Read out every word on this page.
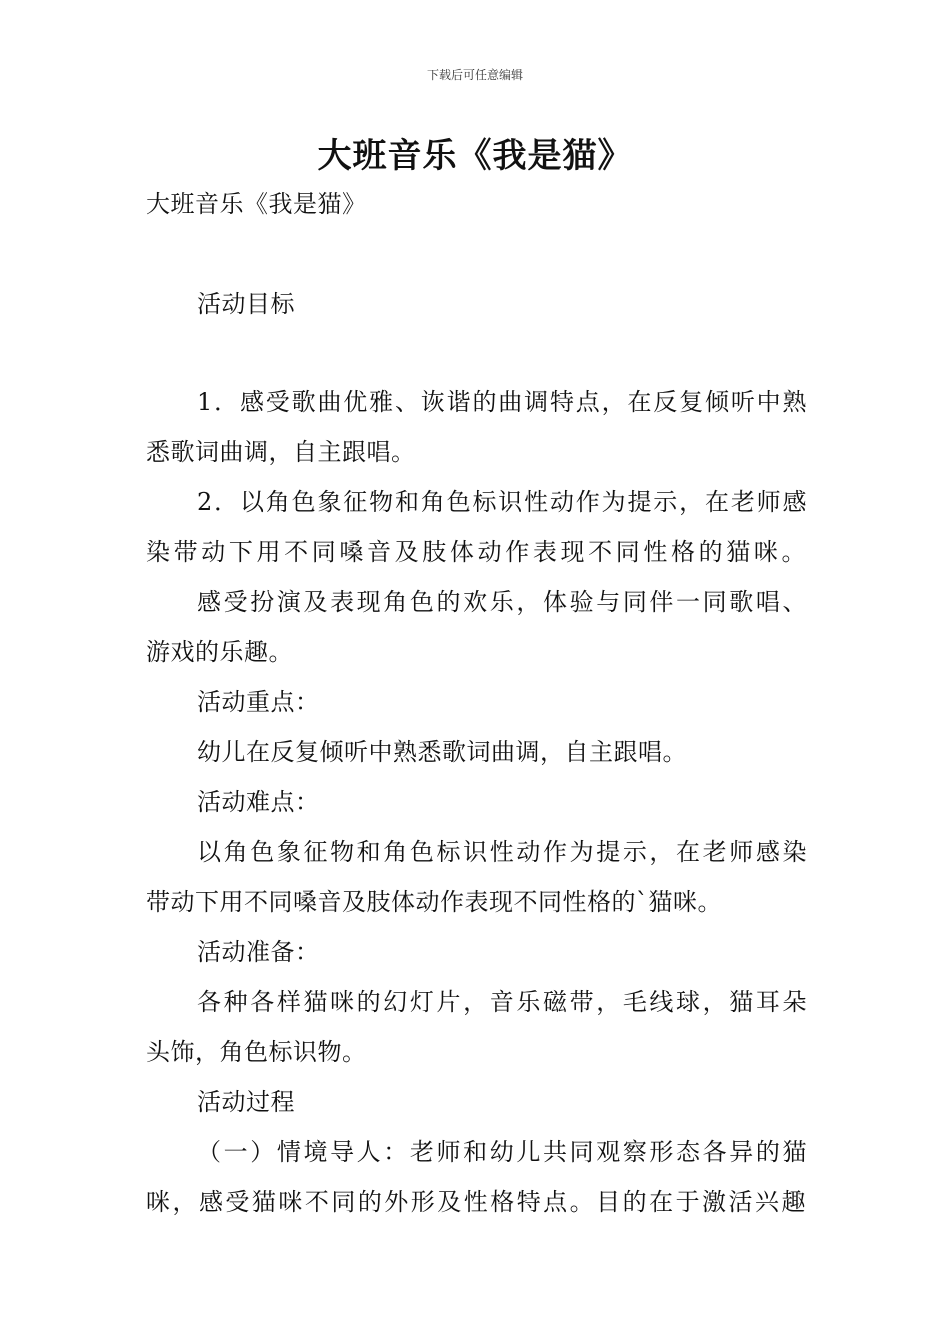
下载后可任意编辑
大班音乐《我是猫》
大班音乐《我是猫》
活动目标
1．感受歌曲优雅、诙谐的曲调特点，在反复倾听中熟
悉歌词曲调，自主跟唱。
2．以角色象征物和角色标识性动作为提示，在老师感
染带动下用不同嗓音及肢体动作表现不同性格的猫咪。
感受扮演及表现角色的欢乐，体验与同伴一同歌唱、
游戏的乐趣。
活动重点：
幼儿在反复倾听中熟悉歌词曲调，自主跟唱。
活动难点：
以角色象征物和角色标识性动作为提示，在老师感染
带动下用不同嗓音及肢体动作表现不同性格的`猫咪。
活动准备：
各种各样猫咪的幻灯片，音乐磁带，毛线球，猫耳朵
头饰，角色标识物。
活动过程
（一）情境导人：老师和幼儿共同观察形态各异的猫
咪，感受猫咪不同的外形及性格特点。目的在于激活兴趣
